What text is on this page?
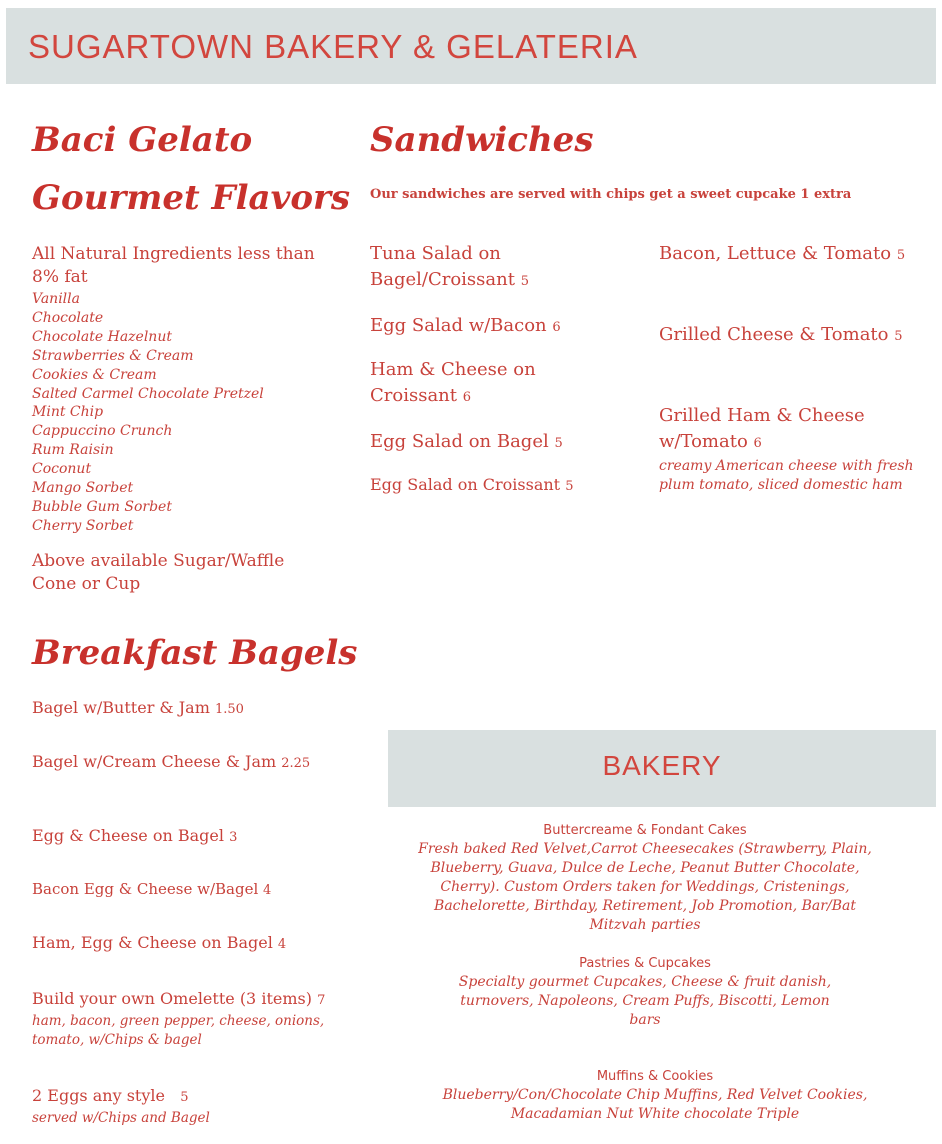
SUGARTOWN BAKERY & GELATERIA
Baci Gelato
Gourmet Flavors

All Natural Ingredients less than 8% fat

Vanilla
Chocolate
Chocolate Hazelnut
Strawberries & Cream
Cookies & Cream
Salted Carmel Chocolate Pretzel
Mint Chip
Cappuccino Crunch
Rum Raisin
Coconut
Mango Sorbet
Bubble Gum Sorbet
Cherry Sorbet

Above available Sugar/Waffle Cone or Cup

Sandwiches

Our sandwiches are served with chips get a sweet cupcake 1 extra

Tuna Salad on Bagel/Croissant 5

Egg Salad w/Bacon 6

Ham & Cheese on Croissant 6

Egg Salad on Bagel 5

Egg Salad on Croissant 5

Bacon, Lettuce & Tomato 5

Grilled Cheese & Tomato 5

Grilled Ham & Cheese w/Tomato 6

creamy American cheese with fresh plum tomato, sliced domestic ham

Breakfast Bagels

Bagel w/Butter & Jam 1.50

Bagel w/Cream Cheese & Jam 2.25

Egg & Cheese on Bagel 3

Bacon Egg & Cheese w/Bagel 4

Ham, Egg & Cheese on Bagel 4

Build your own Omelette (3 items) 7

ham, bacon, green pepper, cheese, onions, tomato, w/Chips & bagel

2 Eggs any style 5

served w/Chips and Bagel

BAKERY
Buttercreame & Fondant Cakes
Fresh baked Red Velvet,Carrot Cheesecakes (Strawberry, Plain, Blueberry, Guava, Dulce de Leche, Peanut Butter Chocolate, Cherry). Custom Orders taken for Weddings, Cristenings, Bachelorette, Birthday, Retirement, Job Promotion, Bar/Bat Mitzvah parties
Pastries & Cupcakes
Specialty gourmet Cupcakes, Cheese & fruit danish, turnovers, Napoleons, Cream Puffs, Biscotti, Lemon bars
Muffins & Cookies
Blueberry/Con/Chocolate Chip Muffins, Red Velvet Cookies, Macadamian Nut White chocolate Triple
